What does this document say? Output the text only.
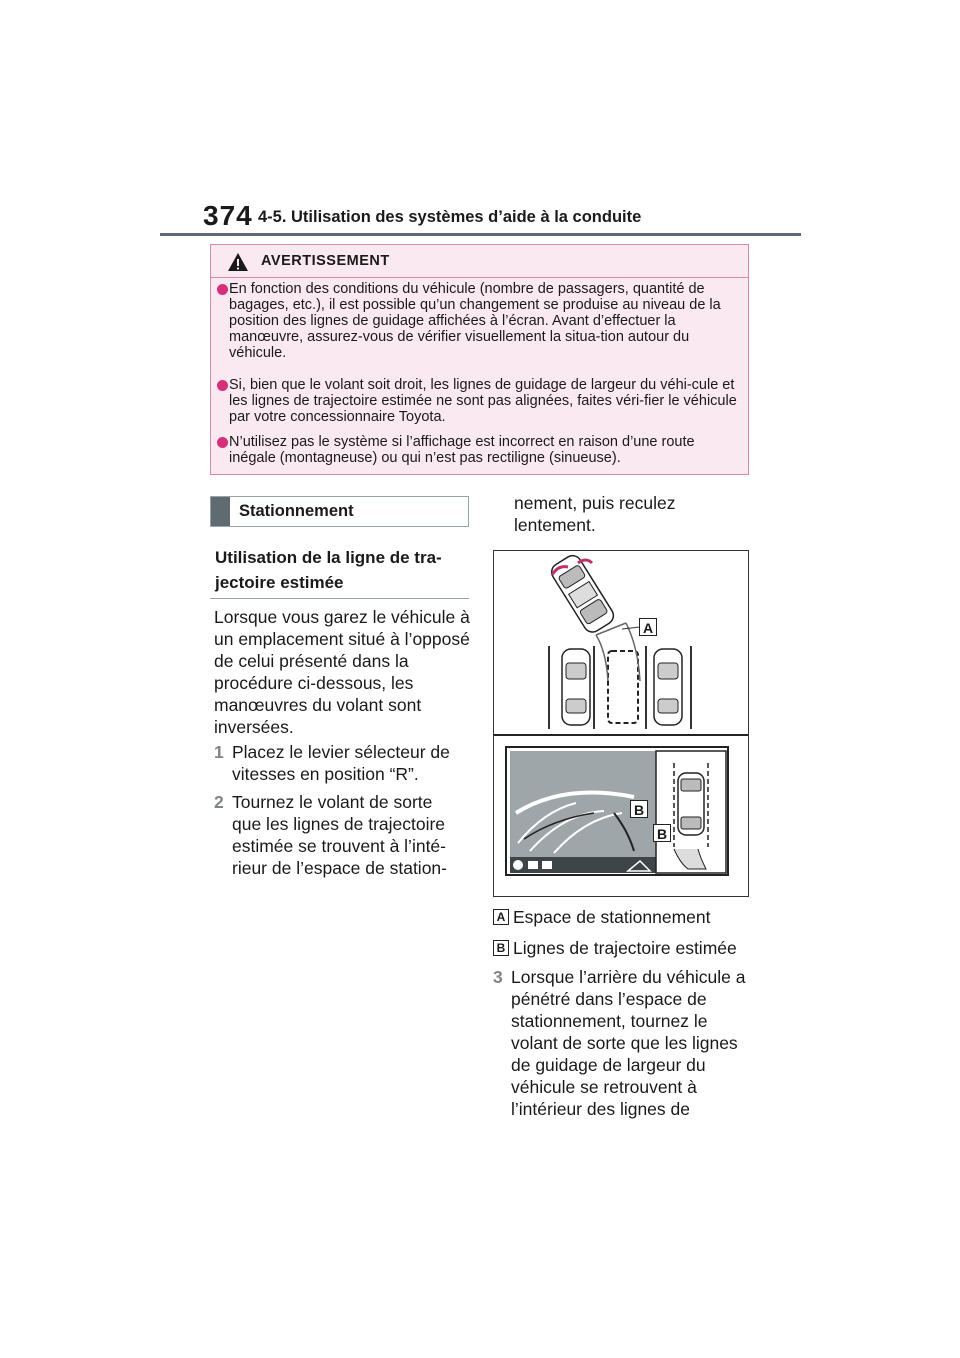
374 4-5. Utilisation des systèmes d’aide à la conduite
AVERTISSEMENT
En fonction des conditions du véhicule (nombre de passagers, quantité de bagages, etc.), il est possible qu’un changement se produise au niveau de la position des lignes de guidage affichées à l’écran. Avant d’effectuer la manœuvre, assurez-vous de vérifier visuellement la situa-tion autour du véhicule.
Si, bien que le volant soit droit, les lignes de guidage de largeur du véhi-cule et les lignes de trajectoire estimée ne sont pas alignées, faites véri-fier le véhicule par votre concessionnaire Toyota.
N’utilisez pas le système si l’affichage est incorrect en raison d’une route inégale (montagneuse) ou qui n’est pas rectiligne (sinueuse).
Stationnement
Utilisation de la ligne de tra-jectoire estimée
Lorsque vous garez le véhicule à un emplacement situé à l’opposé de celui présenté dans la procédure ci-dessous, les manœuvres du volant sont inversées.
1 Placez le levier sélecteur de vitesses en position “R”.
2 Tournez le volant de sorte que les lignes de trajectoire estimée se trouvent à l’inté-rieur de l’espace de station-
nement, puis reculez lentement.
A
B
B
A Espace de stationnement
B Lignes de trajectoire estimée
3 Lorsque l’arrière du véhicule a pénétré dans l’espace de stationnement, tournez le volant de sorte que les lignes de guidage de largeur du véhicule se retrouvent à l’intérieur des lignes de
